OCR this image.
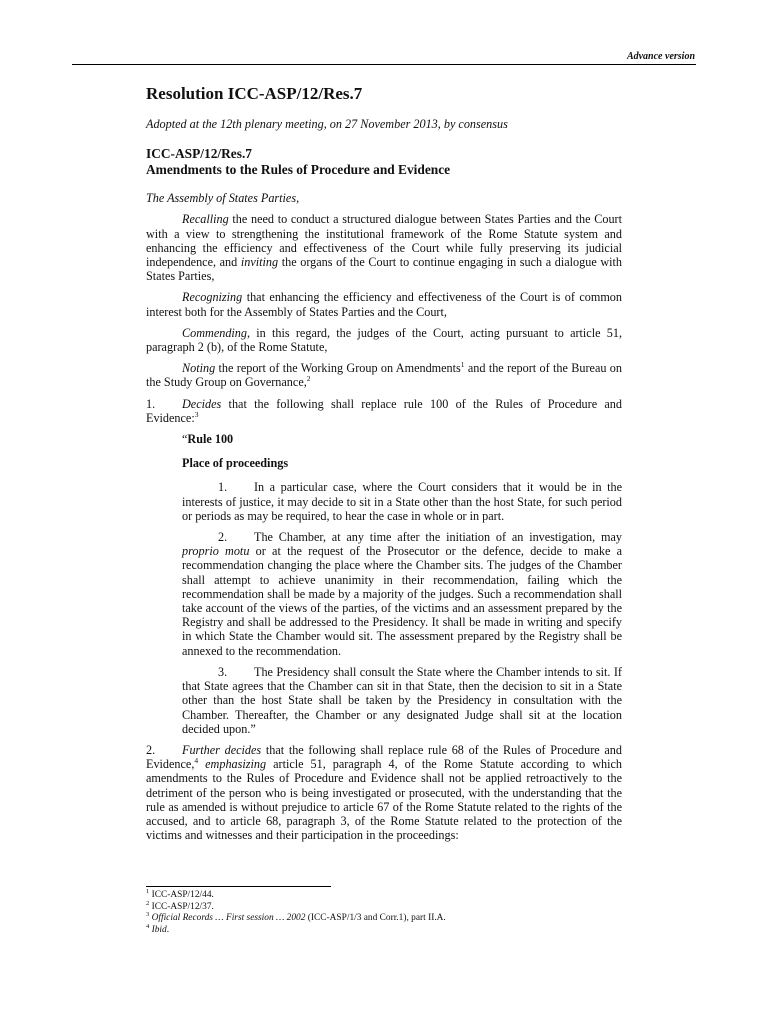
Advance version
Resolution ICC-ASP/12/Res.7
Adopted at the 12th plenary meeting, on 27 November 2013, by consensus
ICC-ASP/12/Res.7
Amendments to the Rules of Procedure and Evidence
The Assembly of States Parties,

Recalling the need to conduct a structured dialogue between States Parties and the Court with a view to strengthening the institutional framework of the Rome Statute system and enhancing the efficiency and effectiveness of the Court while fully preserving its judicial independence, and inviting the organs of the Court to continue engaging in such a dialogue with States Parties,

Recognizing that enhancing the efficiency and effectiveness of the Court is of common interest both for the Assembly of States Parties and the Court,

Commending, in this regard, the judges of the Court, acting pursuant to article 51, paragraph 2 (b), of the Rome Statute,

Noting the report of the Working Group on Amendments$^1$ and the report of the Bureau on the Study Group on Governance,$^2$

1. Decides that the following shall replace rule 100 of the Rules of Procedure and Evidence:$^3$

“Rule 100

Place of proceedings

1. In a particular case, where the Court considers that it would be in the interests of justice, it may decide to sit in a State other than the host State, for such period or periods as may be required, to hear the case in whole or in part.

2. The Chamber, at any time after the initiation of an investigation, may proprio motu or at the request of the Prosecutor or the defence, decide to make a recommendation changing the place where the Chamber sits. The judges of the Chamber shall attempt to achieve unanimity in their recommendation, failing which the recommendation shall be made by a majority of the judges. Such a recommendation shall take account of the views of the parties, of the victims and an assessment prepared by the Registry and shall be addressed to the Presidency. It shall be made in writing and specify in which State the Chamber would sit. The assessment prepared by the Registry shall be annexed to the recommendation.

3. The Presidency shall consult the State where the Chamber intends to sit. If that State agrees that the Chamber can sit in that State, then the decision to sit in a State other than the host State shall be taken by the Presidency in consultation with the Chamber. Thereafter, the Chamber or any designated Judge shall sit at the location decided upon.”

2. Further decides that the following shall replace rule 68 of the Rules of Procedure and Evidence,$^4$ emphasizing article 51, paragraph 4, of the Rome Statute according to which amendments to the Rules of Procedure and Evidence shall not be applied retroactively to the detriment of the person who is being investigated or prosecuted, with the understanding that the rule as amended is without prejudice to article 67 of the Rome Statute related to the rights of the accused, and to article 68, paragraph 3, of the Rome Statute related to the protection of the victims and witnesses and their participation in the proceedings:

$^1$ ICC-ASP/12/44.
$^2$ ICC-ASP/12/37.
$^3$ Official Records … First session … 2002 (ICC-ASP/1/3 and Corr.1), part II.A.
$^4$ Ibid.
